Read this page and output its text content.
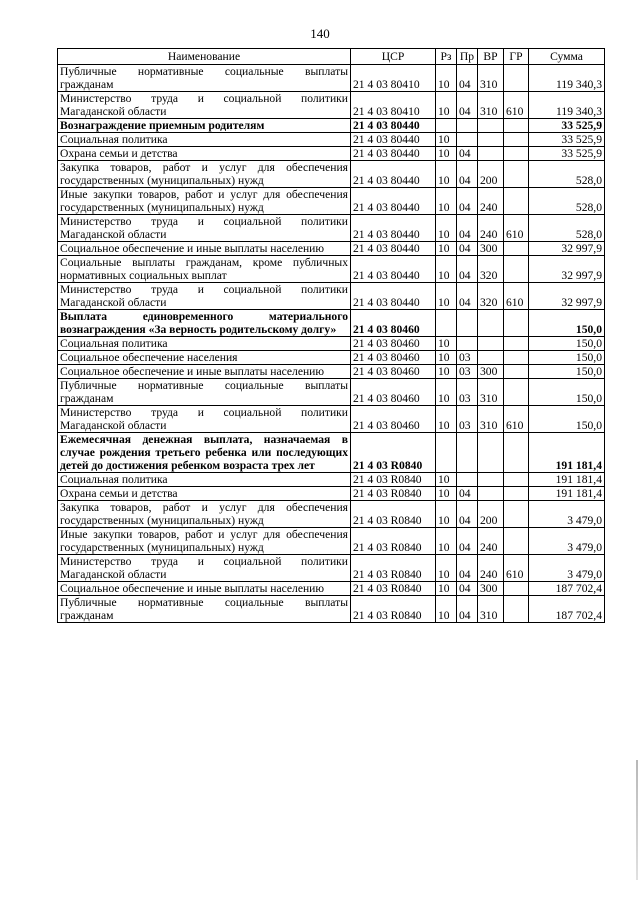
140
Наименование	ЦСР	Рз	Пр	ВР	ГР	Сумма
Публичные нормативные социальные выплаты гражданам	21 4 03 80410	10	04	310		119 340,3
Министерство труда и социальной политики Магаданской области	21 4 03 80410	10	04	310	610	119 340,3
Вознаграждение приемным родителям	21 4 03 80440					33 525,9
Социальная политика	21 4 03 80440	10				33 525,9
Охрана семьи и детства	21 4 03 80440	10	04			33 525,9
Закупка товаров, работ и услуг для обеспечения государственных (муниципальных) нужд	21 4 03 80440	10	04	200		528,0
Иные закупки товаров, работ и услуг для обеспечения государственных (муниципальных) нужд	21 4 03 80440	10	04	240		528,0
Министерство труда и социальной политики Магаданской области	21 4 03 80440	10	04	240	610	528,0
Социальное обеспечение и иные выплаты населению	21 4 03 80440	10	04	300		32 997,9
Социальные выплаты гражданам, кроме публичных нормативных социальных выплат	21 4 03 80440	10	04	320		32 997,9
Министерство труда и социальной политики Магаданской области	21 4 03 80440	10	04	320	610	32 997,9
Выплата единовременного материального вознаграждения «За верность родительскому долгу»	21 4 03 80460					150,0
Социальная политика	21 4 03 80460	10				150,0
Социальное обеспечение населения	21 4 03 80460	10	03			150,0
Социальное обеспечение и иные выплаты населению	21 4 03 80460	10	03	300		150,0
Публичные нормативные социальные выплаты гражданам	21 4 03 80460	10	03	310		150,0
Министерство труда и социальной политики Магаданской области	21 4 03 80460	10	03	310	610	150,0
Ежемесячная денежная выплата, назначаемая в случае рождения третьего ребенка или последующих детей до достижения ребенком возраста трех лет	21 4 03 R0840					191 181,4
Социальная политика	21 4 03 R0840	10				191 181,4
Охрана семьи и детства	21 4 03 R0840	10	04			191 181,4
Закупка товаров, работ и услуг для обеспечения государственных (муниципальных) нужд	21 4 03 R0840	10	04	200		3 479,0
Иные закупки товаров, работ и услуг для обеспечения государственных (муниципальных) нужд	21 4 03 R0840	10	04	240		3 479,0
Министерство труда и социальной политики Магаданской области	21 4 03 R0840	10	04	240	610	3 479,0
Социальное обеспечение и иные выплаты населению	21 4 03 R0840	10	04	300		187 702,4
Публичные нормативные социальные выплаты гражданам	21 4 03 R0840	10	04	310		187 702,4
